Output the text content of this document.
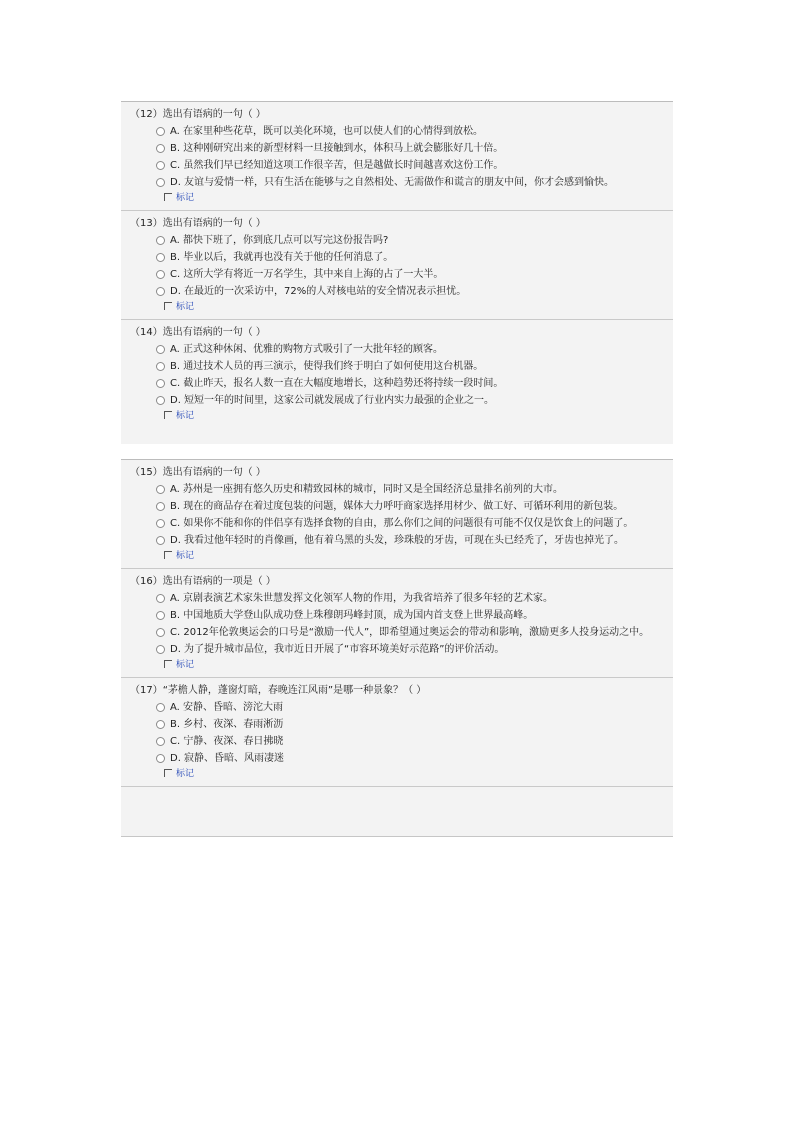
（12）选出有语病的一句（ ）
A. 在家里种些花草，既可以美化环境，也可以使人们的心情得到放松。
B. 这种刚研究出来的新型材料一旦接触到水，体积马上就会膨胀好几十倍。
C. 虽然我们早已经知道这项工作很辛苦，但是越做长时间越喜欢这份工作。
D. 友谊与爱情一样，只有生活在能够与之自然相处、无需做作和谎言的朋友中间，你才会感到愉快。
标记
（13）选出有语病的一句（ ）
A. 都快下班了，你到底几点可以写完这份报告吗?
B. 毕业以后，我就再也没有关于他的任何消息了。
C. 这所大学有将近一万名学生，其中来自上海的占了一大半。
D. 在最近的一次采访中，72%的人对核电站的安全情况表示担忧。
标记
（14）选出有语病的一句（ ）
A. 正式这种休闲、优雅的购物方式吸引了一大批年轻的顾客。
B. 通过技术人员的再三演示，使得我们终于明白了如何使用这台机器。
C. 截止昨天，报名人数一直在大幅度地增长，这种趋势还将持续一段时间。
D. 短短一年的时间里，这家公司就发展成了行业内实力最强的企业之一。
标记
（15）选出有语病的一句（ ）
A. 苏州是一座拥有悠久历史和精致园林的城市，同时又是全国经济总量排名前列的大市。
B. 现在的商品存在着过度包装的问题，媒体大力呼吁商家选择用材少、做工好、可循环利用的新包装。
C. 如果你不能和你的伴侣享有选择食物的自由，那么你们之间的问题很有可能不仅仅是饮食上的问题了。
D. 我看过他年轻时的肖像画，他有着乌黑的头发，珍珠般的牙齿，可现在头已经秃了，牙齿也掉光了。
标记
（16）选出有语病的一项是（ ）
A. 京剧表演艺术家朱世慧发挥文化领军人物的作用，为我省培养了很多年轻的艺术家。
B. 中国地质大学登山队成功登上珠穆朗玛峰封顶，成为国内首支登上世界最高峰。
C. 2012年伦敦奥运会的口号是“激励一代人”，即希望通过奥运会的带动和影响，激励更多人投身运动之中。
D. 为了提升城市品位，我市近日开展了“市容环境美好示范路”的评价活动。
标记
（17）“茅檐人静，蓬窗灯暗，春晚连江风雨”是哪一种景象？（ ）
A. 安静、昏暗、滂沱大雨
B. 乡村、夜深、春雨淅沥
C. 宁静、夜深、春日拂晓
D. 寂静、昏暗、风雨凄迷
标记
